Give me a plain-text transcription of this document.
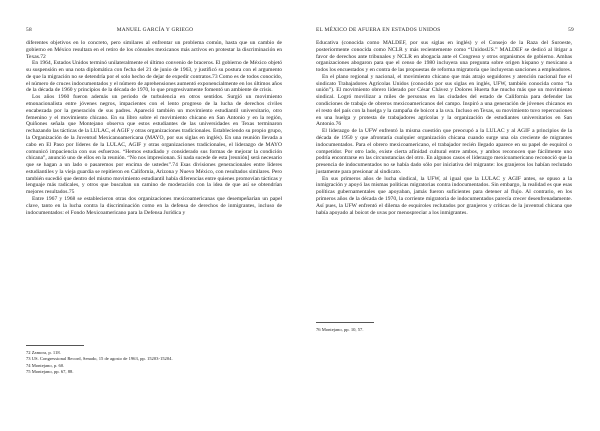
58	MANUEL GARCÍA Y GRIEGO

diferentes objetivos en lo concreto, pero similares al enfrentar un problema común, hasta que un cambio de gobierno en México resultara en el retiro de los cónsules mexicanos más activos en protestar la discriminación en Texas.72

En 1964, Estados Unidos terminó unilateralmente el último convenio de braceros. El gobierno de México objetó su suspensión en una nota diplomática con fecha del 21 de junio de 1963, y justificó su postura con el argumento de que la migración no se detendría por el solo hecho de dejar de expedir contratos.73 Como es de todos conocido, el número de cruces indocumentados y el número de aprehensiones aumentó exponencialmente en los últimos años de la década de 1960 y principios de la década de 1970, lo que progresivamente fomentó un ambiente de crisis.

Los años 1960 fueron además un periodo de turbulencia en otros sentidos. Surgió un movimiento etnonacionalista entre jóvenes negros, impacientes con el lento progreso de la lucha de derechos civiles encabezada por la generación de sus padres. Apareció también un movimiento estudiantil universitario, otro femenino y el movimiento chicano. En su libro sobre el movimiento chicano en San Antonio y en la región, Quiñones señala que Montejano observa que estos estudiantes de las universidades en Texas terminaron rechazando las tácticas de la LULAC, el AGIF y otras organizaciones tradicionales. Estableciendo su propio grupo, la Organización de la Juventud Mexicanoamericana (MAYO, por sus siglas en inglés). En una reunión llevada a cabo en El Paso por líderes de la LULAC, AGIF y otras organizaciones tradicionales, el liderazgo de MAYO comunicó impaciencia con sus esfuerzos. “Hemos estudiado y considerado sus formas de mejorar la condición chicana”, anunció uno de ellos en la reunión. “No nos impresionan. Si nada sucede de esta [reunión] será necesario que se hagan a un lado o pasaremos por encima de ustedes”.74 Esas divisiones generacionales entre líderes estudiantiles y la vieja guardia se repitieron en California, Arizona y Nuevo México, con resultados similares. Pero también sucedió que dentro del mismo movimiento estudiantil había diferencias entre quienes promovían tácticas y lenguaje más radicales, y otros que buscaban un camino de moderación con la idea de que así se obtendrían mejores resultados.75

Entre 1967 y 1968 se establecieron otras dos organizaciones mexicoamericanas que desempeñarían un papel clave, tanto en la lucha contra la discriminación como en la defensa de derechos de inmigrantes, incluso de indocumentados: el Fondo Mexicoamericano para la Defensa Jurídica y

72 Zamora, p. 118.
73 US. Congressional Record, Senado, 15 de agosto de 1963, pp. 15203-15204.
74 Montejano, p. 60.
75 Montejano, pp. 67, 88.
EL MÉXICO DE AFUERA EN ESTADOS UNIDOS	59

Educativa (conocida como MALDEF, por sus siglas en inglés) y el Consejo de la Raza del Suroeste, posteriormente conocida como NCLR y más recientemente como “UnidosUS.” MALDEF se dedicó al litigar a favor de derechos ante tribunales y NCLR en abogacía ante el Congreso y otros organismos de gobierno. Ambas organizaciones abogaron para que el censo de 1980 incluyera una pregunta sobre origen hispano y mexicano a todos los encuestados y en contra de las propuestas de reforma migratoria que incluyeran sanciones a empleadores.

En el plano regional y nacional, el movimiento chicano que más atrajo seguidores y atención nacional fue el sindicato Trabajadores Agrícolas Unidos (conocido por sus siglas en inglés, UFW, también conocida como “la unión”). El movimiento obrero liderado por César Chávez y Dolores Huerta fue mucho más que un movimiento sindical. Logró movilizar a miles de personas en las ciudades del estado de California para defender las condiciones de trabajo de obreros mexicoamericanos del campo. Inspiró a una generación de jóvenes chicanos en el resto del país con la huelga y la campaña de boicot a la uva. Incluso en Texas, su movimiento tuvo repercusiones en una huelga y protesta de trabajadores agrícolas y la organización de estudiantes universitarios en San Antonio.76

El liderazgo de la UFW enfrentó la misma cuestión que preocupó a la LULAC y al AGIF a principios de la década de 1950 y que afrontaría cualquier organización chicana cuando surge una ola creciente de migrantes indocumentados. Para el obrero mexicoamericano, el trabajador recién llegado aparece en su papel de esquirol o competidor. Por otro lado, existe cierta afinidad cultural entre ambos, y ambos reconocen que fácilmente uno podría encontrarse en las circunstancias del otro. En algunos casos el liderazgo mexicoamericano reconoció que la presencia de indocumentados no se había dado sólo por iniciativa del migrante: los granjeros los habían reclutado justamente para presionar al sindicato.

En sus primeros años de lucha sindical, la UFW, al igual que la LULAC y AGIF antes, se opuso a la inmigración y apoyó las mismas políticas migratorias contra indocumentados. Sin embargo, la realidad es que esas políticas gubernamentales que apoyaban, jamás fueron suficientes para detener al flujo. Al contrario, en los primeros años de la década de 1970, la corriente migratoria de indocumentados parecía crecer desenfrenadamente. Así pues, la UFW enfrentó el dilema de esquiroles reclutados por granjeros y críticas de la juventud chicana que había apoyado al boicot de uvas por menospreciar a los inmigrantes.

76 Montejano, pp. 10, 57.
